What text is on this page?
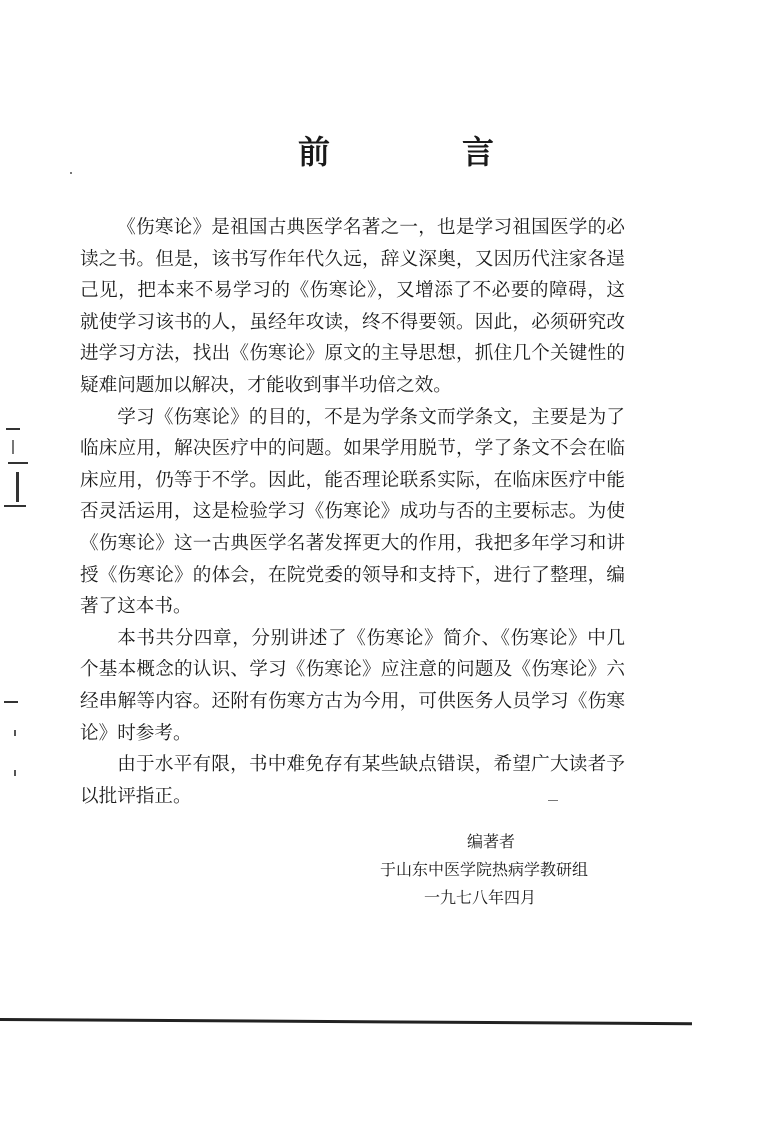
前　言

《伤寒论》是祖国古典医学名著之一，也是学习祖国医学的必读之书。但是，该书写作年代久远，辞义深奥，又因历代注家各逞己见，把本来不易学习的《伤寒论》，又增添了不必要的障碍，这就使学习该书的人，虽经年攻读，终不得要领。因此，必须研究改进学习方法，找出《伤寒论》原文的主导思想，抓住几个关键性的疑难问题加以解决，才能收到事半功倍之效。

学习《伤寒论》的目的，不是为学条文而学条文，主要是为了临床应用，解决医疗中的问题。如果学用脱节，学了条文不会在临床应用，仍等于不学。因此，能否理论联系实际，在临床医疗中能否灵活运用，这是检验学习《伤寒论》成功与否的主要标志。为使《伤寒论》这一古典医学名著发挥更大的作用，我把多年学习和讲授《伤寒论》的体会，在院党委的领导和支持下，进行了整理，编著了这本书。

本书共分四章，分别讲述了《伤寒论》简介、《伤寒论》中几个基本概念的认识、学习《伤寒论》应注意的问题及《伤寒论》六经串解等内容。还附有伤寒方古为今用，可供医务人员学习《伤寒论》时参考。

由于水平有限，书中难免存有某些缺点错误，希望广大读者予以批评指正。

编著者
于山东中医学院热病学教研组
一九七八年四月
